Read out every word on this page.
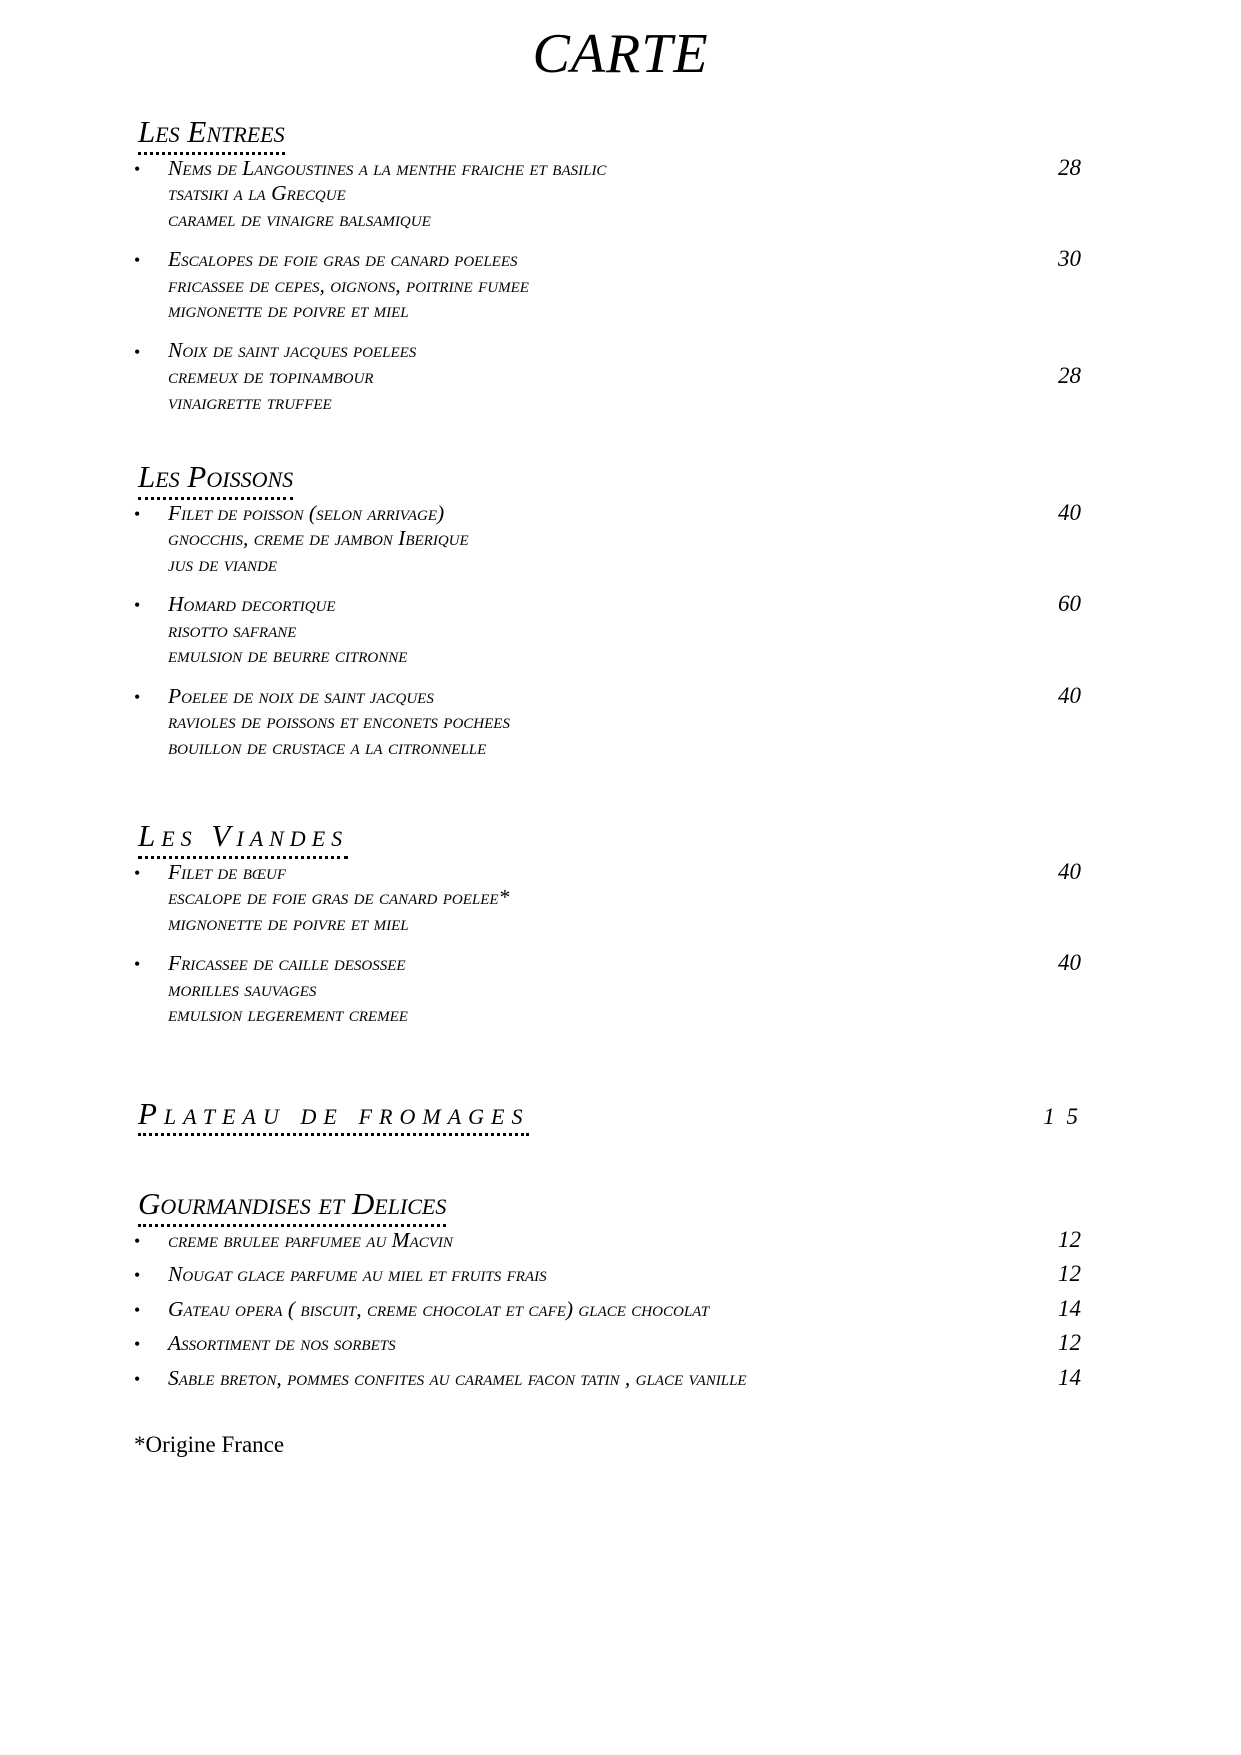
CARTE
Les Entrees
• Nems de Langoustines a la menthe fraiche et basilic	28
tsatsiki a la Grecque
caramel de vinaigre balsamique
• Escalopes de foie gras de canard poelees	30
fricassee de cepes, oignons, poitrine fumee
mignonette de poivre et miel
• Noix de saint jacques poelees
cremeux de topinambour	28
vinaigrette truffee
Les Poissons
• Filet de poisson (selon arrivage)	40
gnocchis, creme de jambon Iberique
jus de viande
• Homard decortique	60
risotto safrane
emulsion de beurre citronne
• Poelee de noix de saint jacques	40
ravioles de poissons et enconets pochees
bouillon de crustace a la citronnelle
Les Viandes
• Filet de bœuf	40
escalope de foie gras de canard poelee*
mignonette de poivre et miel
• Fricassee de caille desossee	40
morilles sauvages
emulsion legerement cremee
Plateau de fromages	1 5
Gourmandises et Delices
• creme brulee parfumee au Macvin	12
• Nougat glace parfume au miel et fruits frais	12
• Gateau opera ( biscuit, creme chocolat et cafe) glace chocolat	14
• Assortiment de nos sorbets	12
• Sable breton, pommes confites au caramel facon tatin , glace vanille	14
*Origine France
